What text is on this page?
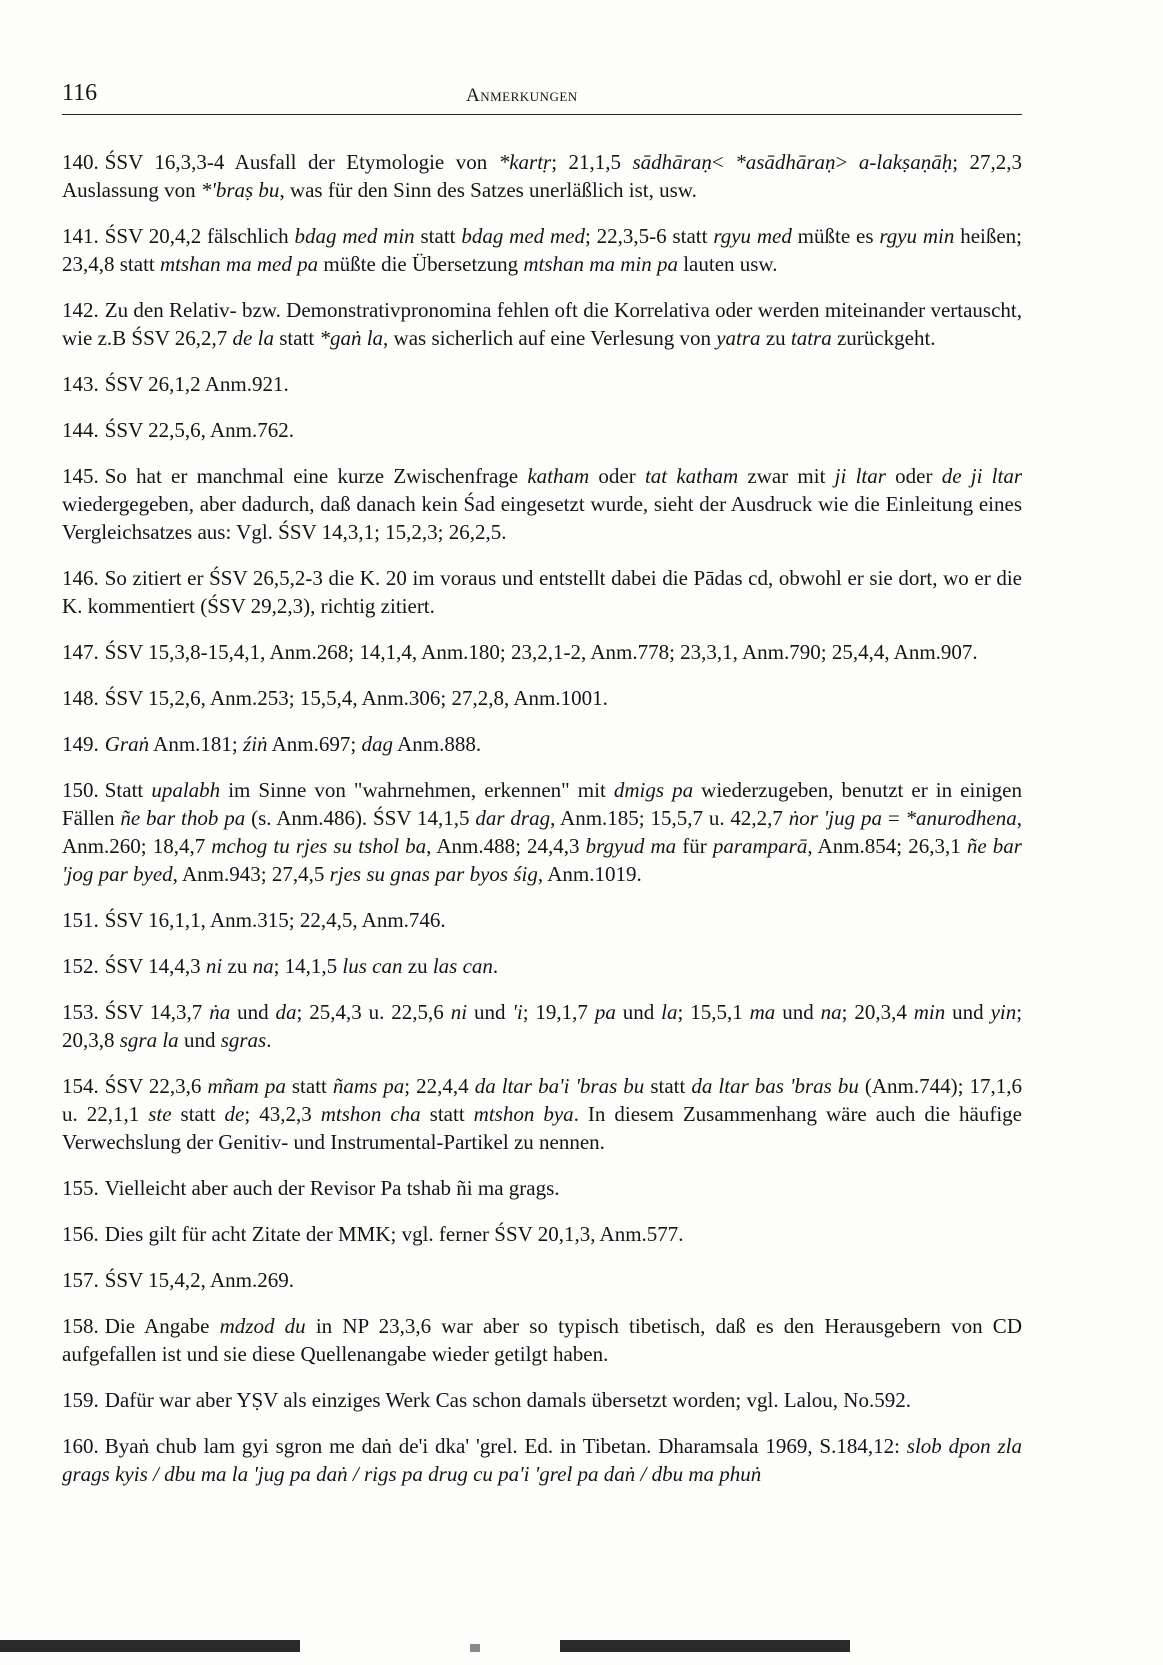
116	Anmerkungen

140. ŚSV 16,3,3-4 Ausfall der Etymologie von *kartṛ; 21,1,5 sādhāraṇ< *asādhāraṇ> a-lakṣaṇāḥ; 27,2,3 Auslassung von *'braṣ bu, was für den Sinn des Satzes unerläßlich ist, usw.

141. ŚSV 20,4,2 fälschlich bdag med min statt bdag med med; 22,3,5-6 statt rgyu med müßte es rgyu min heißen; 23,4,8 statt mtshan ma med pa müßte die Übersetzung mtshan ma min pa lauten usw.

142. Zu den Relativ- bzw. Demonstrativpronomina fehlen oft die Korrelativa oder werden miteinander vertauscht, wie z.B ŚSV 26,2,7 de la statt *gaṅ la, was sicherlich auf eine Verlesung von yatra zu tatra zurückgeht.

143. ŚSV 26,1,2 Anm.921.

144. ŚSV 22,5,6, Anm.762.

145. So hat er manchmal eine kurze Zwischenfrage katham oder tat katham zwar mit ji ltar oder de ji ltar wiedergegeben, aber dadurch, daß danach kein Śad eingesetzt wurde, sieht der Ausdruck wie die Einleitung eines Vergleichsatzes aus: Vgl. ŚSV 14,3,1; 15,2,3; 26,2,5.

146. So zitiert er ŚSV 26,5,2-3 die K. 20 im voraus und entstellt dabei die Pādas cd, obwohl er sie dort, wo er die K. kommentiert (ŚSV 29,2,3), richtig zitiert.

147. ŚSV 15,3,8-15,4,1, Anm.268; 14,1,4, Anm.180; 23,2,1-2, Anm.778; 23,3,1, Anm.790; 25,4,4, Anm.907.

148. ŚSV 15,2,6, Anm.253; 15,5,4, Anm.306; 27,2,8, Anm.1001.

149. Graṅ Anm.181; źiṅ Anm.697; dag Anm.888.

150. Statt upalabh im Sinne von "wahrnehmen, erkennen" mit dmigs pa wiederzugeben, benutzt er in einigen Fällen ñe bar thob pa (s. Anm.486). ŚSV 14,1,5 dar drag, Anm.185; 15,5,7 u. 42,2,7 ṅor 'jug pa = *anurodhena, Anm.260; 18,4,7 mchog tu rjes su tshol ba, Anm.488; 24,4,3 brgyud ma für paramparā, Anm.854; 26,3,1 ñe bar 'jog par byed, Anm.943; 27,4,5 rjes su gnas par byos śig, Anm.1019.

151. ŚSV 16,1,1, Anm.315; 22,4,5, Anm.746.

152. ŚSV 14,4,3 ni zu na; 14,1,5 lus can zu las can.

153. ŚSV 14,3,7 ṅa und da; 25,4,3 u. 22,5,6 ni und 'i; 19,1,7 pa und la; 15,5,1 ma und na; 20,3,4 min und yin; 20,3,8 sgra la und sgras.

154. ŚSV 22,3,6 mñam pa statt ñams pa; 22,4,4 da ltar ba'i 'bras bu statt da ltar bas 'bras bu (Anm.744); 17,1,6 u. 22,1,1 ste statt de; 43,2,3 mtshon cha statt mtshon bya. In diesem Zusammenhang wäre auch die häufige Verwechslung der Genitiv- und Instrumental-Partikel zu nennen.

155. Vielleicht aber auch der Revisor Pa tshab ñi ma grags.

156. Dies gilt für acht Zitate der MMK; vgl. ferner ŚSV 20,1,3, Anm.577.

157. ŚSV 15,4,2, Anm.269.

158. Die Angabe mdzod du in NP 23,3,6 war aber so typisch tibetisch, daß es den Herausgebern von CD aufgefallen ist und sie diese Quellenangabe wieder getilgt haben.

159. Dafür war aber YṢV als einziges Werk Cas schon damals übersetzt worden; vgl. Lalou, No.592.

160. Byaṅ chub lam gyi sgron me daṅ de'i dka' 'grel. Ed. in Tibetan. Dharamsala 1969, S.184,12: slob dpon zla grags kyis / dbu ma la 'jug pa daṅ / rigs pa drug cu pa'i 'grel pa daṅ / dbu ma phuṅ
